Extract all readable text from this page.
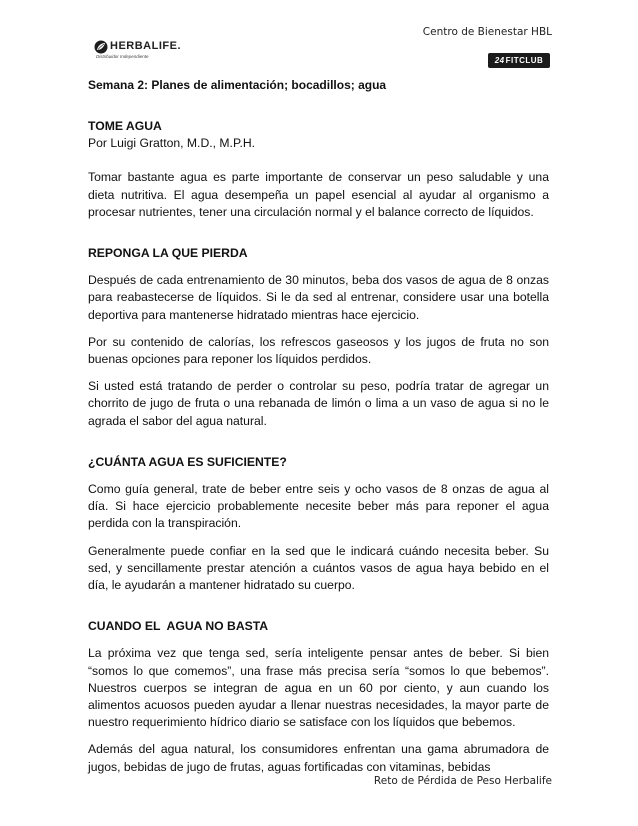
Centro de Bienestar HBL
HERBALIFE.
Distribuidor Independiente	24FITCLUB
Semana 2: Planes de alimentación; bocadillos; agua
TOME AGUA

Por Luigi Gratton, M.D., M.P.H.

Tomar bastante agua es parte importante de conservar un peso saludable y una dieta nutritiva. El agua desempeña un papel esencial al ayudar al organismo a procesar nutrientes, tener una circulación normal y el balance correcto de líquidos.

REPONGA LA QUE PIERDA

Después de cada entrenamiento de 30 minutos, beba dos vasos de agua de 8 onzas para reabastecerse de líquidos. Si le da sed al entrenar, considere usar una botella deportiva para mantenerse hidratado mientras hace ejercicio.

Por su contenido de calorías, los refrescos gaseosos y los jugos de fruta no son buenas opciones para reponer los líquidos perdidos.

Si usted está tratando de perder o controlar su peso, podría tratar de agregar un chorrito de jugo de fruta o una rebanada de limón o lima a un vaso de agua si no le agrada el sabor del agua natural.

¿CUÁNTA AGUA ES SUFICIENTE?

Como guía general, trate de beber entre seis y ocho vasos de 8 onzas de agua al día. Si hace ejercicio probablemente necesite beber más para reponer el agua perdida con la transpiración.

Generalmente puede confiar en la sed que le indicará cuándo necesita beber. Su sed, y sencillamente prestar atención a cuántos vasos de agua haya bebido en el día, le ayudarán a mantener hidratado su cuerpo.

CUANDO EL  AGUA NO BASTA

La próxima vez que tenga sed, sería inteligente pensar antes de beber. Si bien “somos lo que comemos”, una frase más precisa sería “somos lo que bebemos”. Nuestros cuerpos se integran de agua en un 60 por ciento, y aun cuando los alimentos acuosos pueden ayudar a llenar nuestras necesidades, la mayor parte de nuestro requerimiento hídrico diario se satisface con los líquidos que bebemos.

Además del agua natural, los consumidores enfrentan una gama abrumadora de jugos, bebidas de jugo de frutas, aguas fortificadas con vitaminas, bebidas

Reto de Pérdida de Peso Herbalife
